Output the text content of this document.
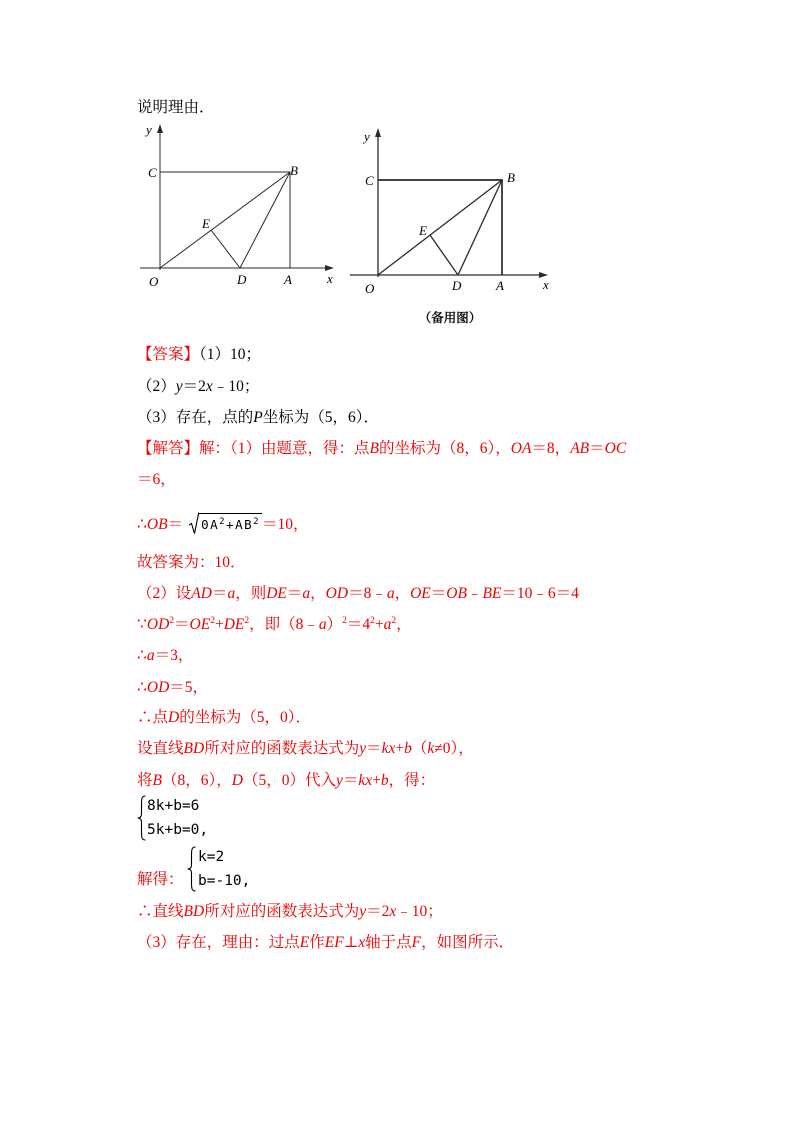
说明理由．
y
C	B
E
O	D	A	x
y
C	B
E
O	D	A	x
（备用图）
【答案】（1）10；
（2）y＝2x﹣10；
（3）存在，点的P坐标为（5，6）．
【解答】解：（1）由题意，得：点B的坐标为（8，6），OA＝8，AB＝OC
＝6，
∴OB＝ $0A^2+AB^2 =10$，
故答案为：10．
（2）设AD＝a，则DE＝a，OD＝8﹣a，OE＝OB﹣BE＝10﹣6＝4
$\because OD^2=OE^2+DE^2$，即$(8﹣a)^2=4^2+a^2$，
∴a＝3，
∴OD＝5，
∴点D的坐标为（5，0）．
设直线BD所对应的函数表达式为y＝kx+b（k≠0），
将B（8，6），D（5，0）代入y＝kx+b，得：
8k+b=6
5k+b=0,
解得：
k=2
b=-10,
∴直线BD所对应的函数表达式为y＝2x﹣10；
（3）存在，理由：过点E作EF⊥x轴于点F，如图所示．
